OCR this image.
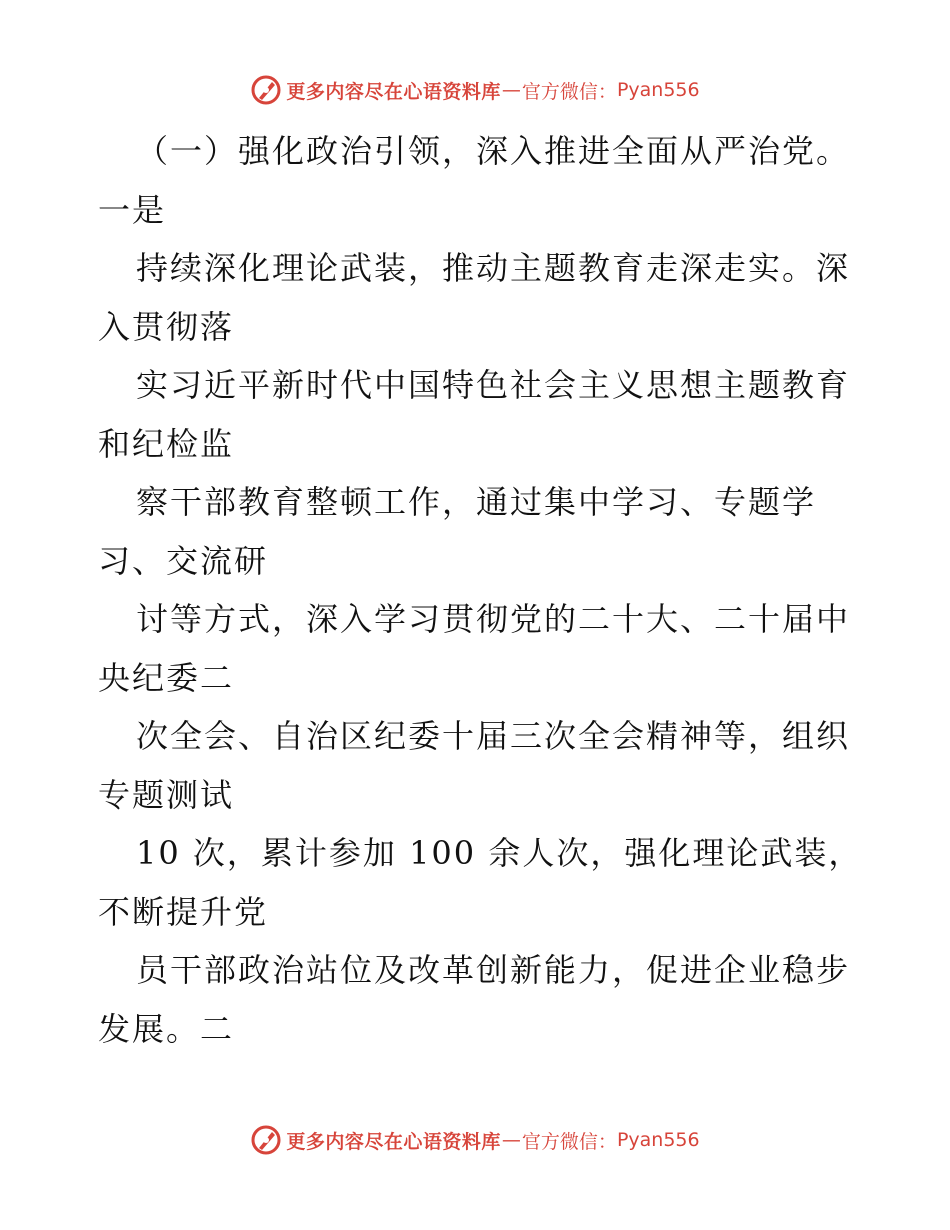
更多内容尽在心语资料库 — 官方微信： Pyan556
（一）强化政治引领，深入推进全面从严治党。
一是
持续深化理论武装，推动主题教育走深走实。深
入贯彻落
实习近平新时代中国特色社会主义思想主题教育
和纪检监
察干部教育整顿工作，通过集中学习、专题学
习、交流研
讨等方式，深入学习贯彻党的二十大、二十届中
央纪委二
次全会、自治区纪委十届三次全会精神等，组织
专题测试
10 次，累计参加 100 余人次，强化理论武装，
不断提升党
员干部政治站位及改革创新能力，促进企业稳步
发展。二
更多内容尽在心语资料库 — 官方微信： Pyan556
